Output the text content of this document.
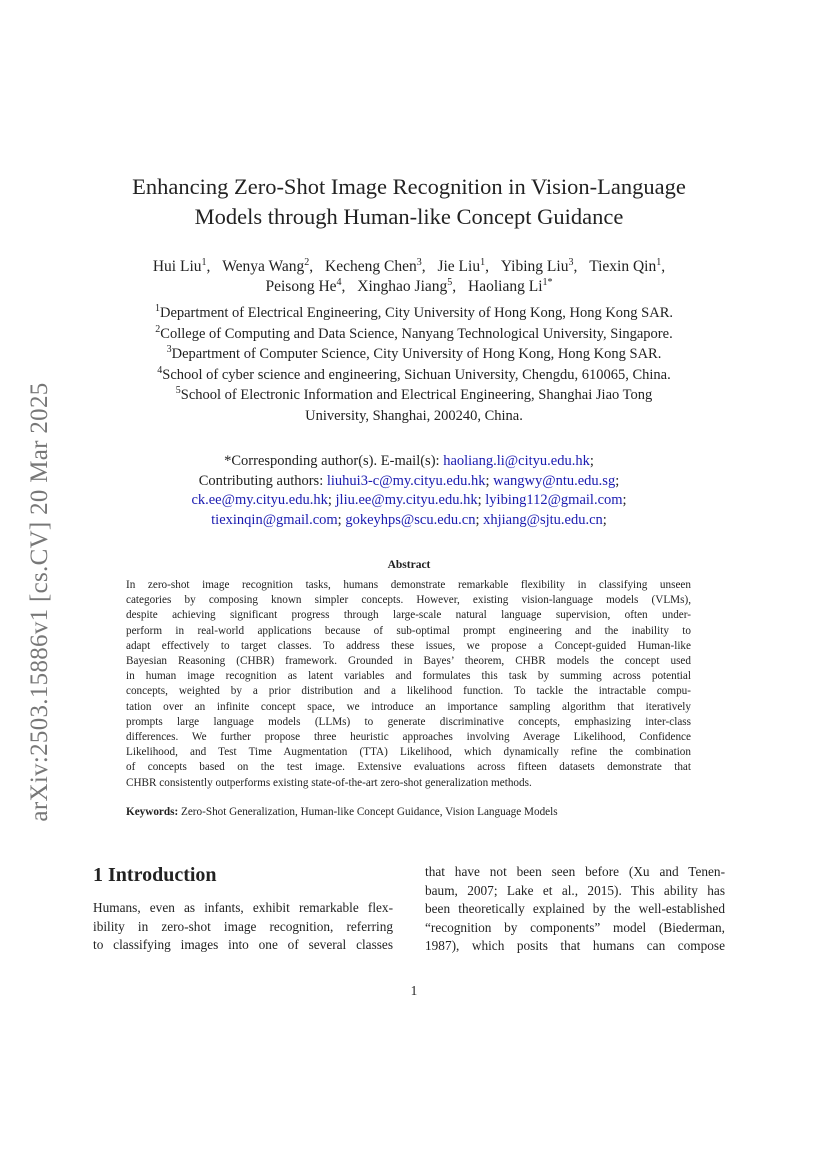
arXiv:2503.15886v1 [cs.CV] 20 Mar 2025
Enhancing Zero-Shot Image Recognition in Vision-Language
Models through Human-like Concept Guidance
Hui Liu$^1$, Wenya Wang$^2$, Kecheng Chen$^3$, Jie Liu$^1$, Yibing Liu$^3$, Tiexin Qin$^1$,
Peisong He$^4$, Xinghao Jiang$^5$, Haoliang $Li^{1*}$
$^1$Department of Electrical Engineering, City University of Hong Kong, Hong Kong SAR.
$^2$College of Computing and Data Science, Nanyang Technological University, Singapore.
$^3$Department of Computer Science, City University of Hong Kong, Hong Kong SAR.
$^4$School of cyber science and engineering, Sichuan University, Chengdu, 610065, China.
$^5$School of Electronic Information and Electrical Engineering, Shanghai Jiao Tong
University, Shanghai, 200240, China.
*Corresponding author(s). E-mail(s): haoliang.li@cityu.edu.hk;
Contributing authors: liuhui3-c@my.cityu.edu.hk; wangwy@ntu.edu.sg;
ck.ee@my.cityu.edu.hk; jliu.ee@my.cityu.edu.hk; lyibing112@gmail.com;
tiexinqin@gmail.com; gokeyhps@scu.edu.cn; xhjiang@sjtu.edu.cn;
Abstract
In zero-shot image recognition tasks, humans demonstrate remarkable flexibility in classifying unseen
categories by composing known simpler concepts. However, existing vision-language models (VLMs),
despite achieving significant progress through large-scale natural language supervision, often under-
perform in real-world applications because of sub-optimal prompt engineering and the inability to
adapt effectively to target classes. To address these issues, we propose a Concept-guided Human-like
Bayesian Reasoning (CHBR) framework. Grounded in Bayes’ theorem, CHBR models the concept used
in human image recognition as latent variables and formulates this task by summing across potential
concepts, weighted by a prior distribution and a likelihood function. To tackle the intractable compu-
tation over an infinite concept space, we introduce an importance sampling algorithm that iteratively
prompts large language models (LLMs) to generate discriminative concepts, emphasizing inter-class
differences. We further propose three heuristic approaches involving Average Likelihood, Confidence
Likelihood, and Test Time Augmentation (TTA) Likelihood, which dynamically refine the combination
of concepts based on the test image. Extensive evaluations across fifteen datasets demonstrate that
CHBR consistently outperforms existing state-of-the-art zero-shot generalization methods.
Keywords: Zero-Shot Generalization, Human-like Concept Guidance, Vision Language Models
1 Introduction
Humans, even as infants, exhibit remarkable flex-
ibility in zero-shot image recognition, referring
to classifying images into one of several classes
that have not been seen before (Xu and Tenen-
baum, 2007; Lake et al., 2015). This ability has
been theoretically explained by the well-established
“recognition by components” model (Biederman,
1987), which posits that humans can compose
1
